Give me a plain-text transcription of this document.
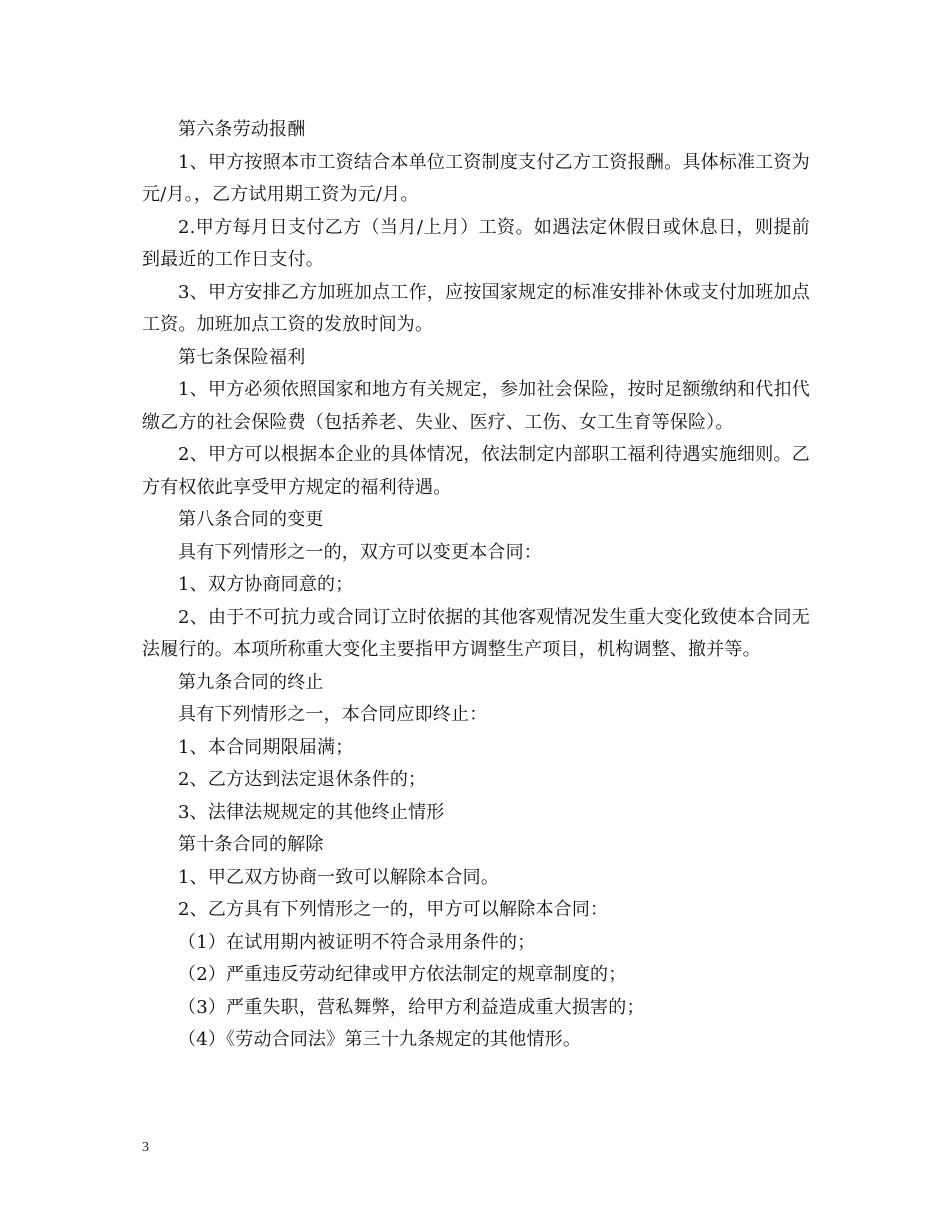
第六条劳动报酬

1、甲方按照本市工资结合本单位工资制度支付乙方工资报酬。具体标准工资为元/月。，乙方试用期工资为元/月。

2.甲方每月日支付乙方（当月/上月）工资。如遇法定休假日或休息日，则提前到最近的工作日支付。

3、甲方安排乙方加班加点工作，应按国家规定的标准安排补休或支付加班加点工资。加班加点工资的发放时间为。

第七条保险福利

1、甲方必须依照国家和地方有关规定，参加社会保险，按时足额缴纳和代扣代缴乙方的社会保险费（包括养老、失业、医疗、工伤、女工生育等保险）。

2、甲方可以根据本企业的具体情况，依法制定内部职工福利待遇实施细则。乙方有权依此享受甲方规定的福利待遇。

第八条合同的变更

具有下列情形之一的，双方可以变更本合同：

1、双方协商同意的；

2、由于不可抗力或合同订立时依据的其他客观情况发生重大变化致使本合同无法履行的。本项所称重大变化主要指甲方调整生产项目，机构调整、撤并等。

第九条合同的终止

具有下列情形之一，本合同应即终止：

1、本合同期限届满；

2、乙方达到法定退休条件的；

3、法律法规规定的其他终止情形

第十条合同的解除

1、甲乙双方协商一致可以解除本合同。

2、乙方具有下列情形之一的，甲方可以解除本合同：

（1）在试用期内被证明不符合录用条件的；

（2）严重违反劳动纪律或甲方依法制定的规章制度的；

（3）严重失职，营私舞弊，给甲方利益造成重大损害的；

（4）《劳动合同法》第三十九条规定的其他情形。

3
